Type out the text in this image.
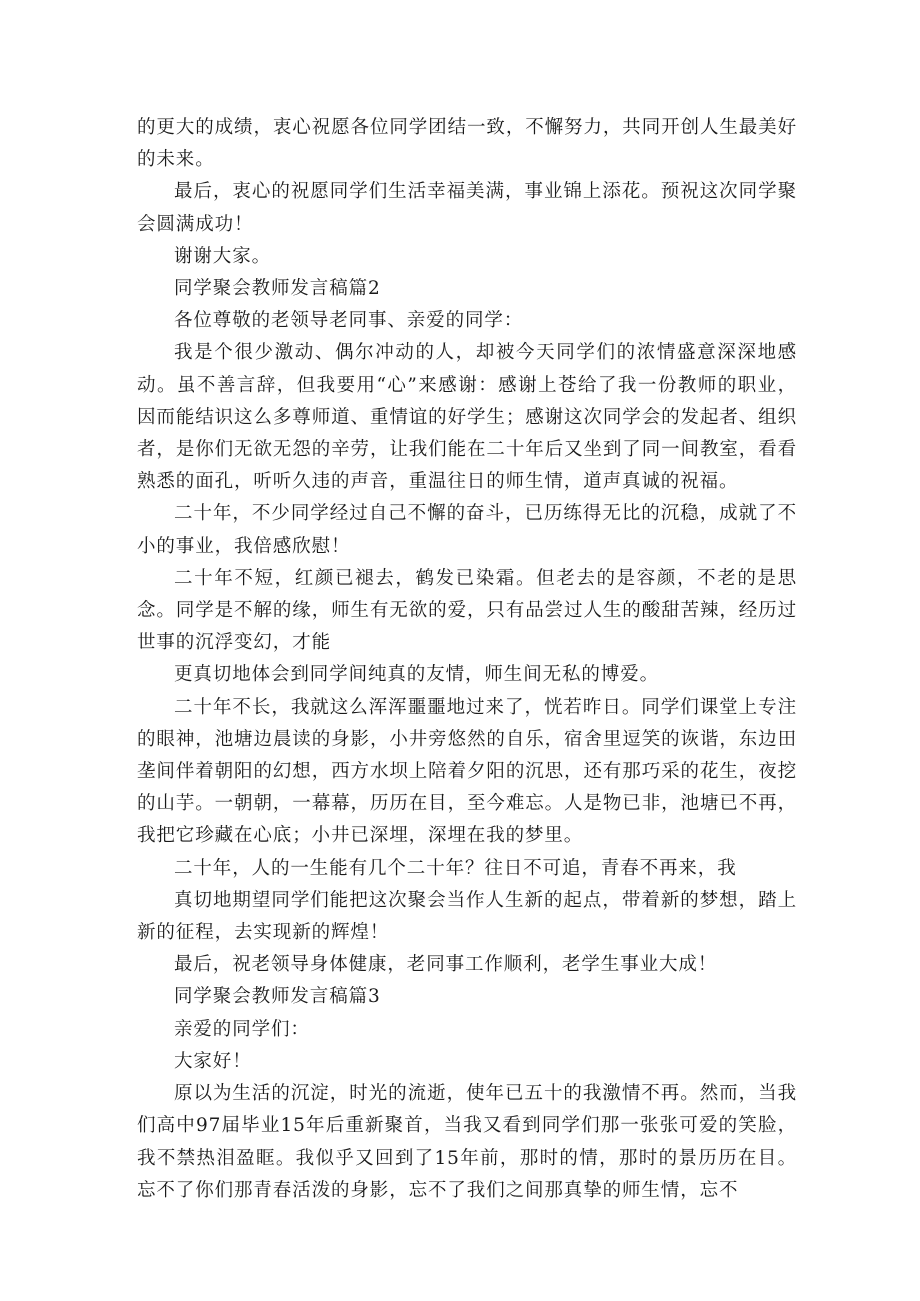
的更大的成绩，衷心祝愿各位同学团结一致，不懈努力，共同开创人生最美好的未来。

最后，衷心的祝愿同学们生活幸福美满，事业锦上添花。预祝这次同学聚会圆满成功！

谢谢大家。

同学聚会教师发言稿篇2

各位尊敬的老领导老同事、亲爱的同学：

我是个很少激动、偶尔冲动的人，却被今天同学们的浓情盛意深深地感动。虽不善言辞，但我要用“心”来感谢：感谢上苍给了我一份教师的职业，因而能结识这么多尊师道、重情谊的好学生；感谢这次同学会的发起者、组织者，是你们无欲无怨的辛劳，让我们能在二十年后又坐到了同一间教室，看看熟悉的面孔，听听久违的声音，重温往日的师生情，道声真诚的祝福。

二十年，不少同学经过自己不懈的奋斗，已历练得无比的沉稳，成就了不小的事业，我倍感欣慰！

二十年不短，红颜已褪去，鹤发已染霜。但老去的是容颜，不老的是思念。同学是不解的缘，师生有无欲的爱，只有品尝过人生的酸甜苦辣，经历过世事的沉浮变幻，才能

更真切地体会到同学间纯真的友情，师生间无私的博爱。

二十年不长，我就这么浑浑噩噩地过来了，恍若昨日。同学们课堂上专注的眼神，池塘边晨读的身影，小井旁悠然的自乐，宿舍里逗笑的诙谐，东边田垄间伴着朝阳的幻想，西方水坝上陪着夕阳的沉思，还有那巧采的花生，夜挖的山芋。一朝朝，一幕幕，历历在目，至今难忘。人是物已非，池塘已不再，我把它珍藏在心底；小井已深埋，深埋在我的梦里。

二十年，人的一生能有几个二十年？往日不可追，青春不再来，我

真切地期望同学们能把这次聚会当作人生新的起点，带着新的梦想，踏上新的征程，去实现新的辉煌！

最后，祝老领导身体健康，老同事工作顺利，老学生事业大成！

同学聚会教师发言稿篇3

亲爱的同学们：

大家好！

原以为生活的沉淀，时光的流逝，使年已五十的我激情不再。然而，当我们高中97届毕业15年后重新聚首，当我又看到同学们那一张张可爱的笑脸，我不禁热泪盈眶。我似乎又回到了15年前，那时的情，那时的景历历在目。忘不了你们那青春活泼的身影，忘不了我们之间那真挚的师生情，忘不
